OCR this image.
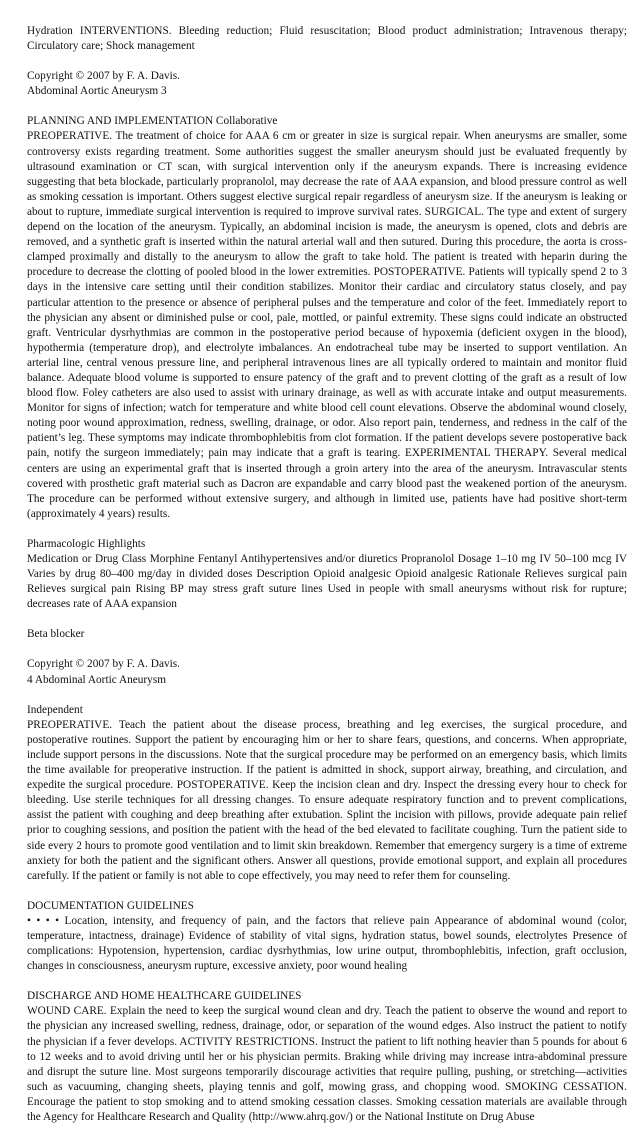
Hydration INTERVENTIONS. Bleeding reduction; Fluid resuscitation; Blood product administration; Intravenous therapy; Circulatory care; Shock management

Copyright © 2007 by F. A. Davis.
Abdominal Aortic Aneurysm 3

PLANNING AND IMPLEMENTATION Collaborative
PREOPERATIVE. The treatment of choice for AAA 6 cm or greater in size is surgical repair. When aneurysms are smaller, some controversy exists regarding treatment. Some authorities suggest the smaller aneurysm should just be evaluated frequently by ultrasound examination or CT scan, with surgical intervention only if the aneurysm expands. There is increasing evidence suggesting that beta blockade, particularly propranolol, may decrease the rate of AAA expansion, and blood pressure control as well as smoking cessation is important. Others suggest elective surgical repair regardless of aneurysm size. If the aneurysm is leaking or about to rupture, immediate surgical intervention is required to improve survival rates. SURGICAL. The type and extent of surgery depend on the location of the aneurysm. Typically, an abdominal incision is made, the aneurysm is opened, clots and debris are removed, and a synthetic graft is inserted within the natural arterial wall and then sutured. During this procedure, the aorta is cross-clamped proximally and distally to the aneurysm to allow the graft to take hold. The patient is treated with heparin during the procedure to decrease the clotting of pooled blood in the lower extremities. POSTOPERATIVE. Patients will typically spend 2 to 3 days in the intensive care setting until their condition stabilizes. Monitor their cardiac and circulatory status closely, and pay particular attention to the presence or absence of peripheral pulses and the temperature and color of the feet. Immediately report to the physician any absent or diminished pulse or cool, pale, mottled, or painful extremity. These signs could indicate an obstructed graft. Ventricular dysrhythmias are common in the postoperative period because of hypoxemia (deficient oxygen in the blood), hypothermia (temperature drop), and electrolyte imbalances. An endotracheal tube may be inserted to support ventilation. An arterial line, central venous pressure line, and peripheral intravenous lines are all typically ordered to maintain and monitor fluid balance. Adequate blood volume is supported to ensure patency of the graft and to prevent clotting of the graft as a result of low blood flow. Foley catheters are also used to assist with urinary drainage, as well as with accurate intake and output measurements. Monitor for signs of infection; watch for temperature and white blood cell count elevations. Observe the abdominal wound closely, noting poor wound approximation, redness, swelling, drainage, or odor. Also report pain, tenderness, and redness in the calf of the patient’s leg. These symptoms may indicate thrombophlebitis from clot formation. If the patient develops severe postoperative back pain, notify the surgeon immediately; pain may indicate that a graft is tearing. EXPERIMENTAL THERAPY. Several medical centers are using an experimental graft that is inserted through a groin artery into the area of the aneurysm. Intravascular stents covered with prosthetic graft material such as Dacron are expandable and carry blood past the weakened portion of the aneurysm. The procedure can be performed without extensive surgery, and although in limited use, patients have had positive short-term (approximately 4 years) results.

Pharmacologic Highlights
Medication or Drug Class Morphine Fentanyl Antihypertensives and/or diuretics Propranolol Dosage 1–10 mg IV 50–100 mcg IV Varies by drug 80–400 mg/day in divided doses Description Opioid analgesic Opioid analgesic Rationale Relieves surgical pain Relieves surgical pain Rising BP may stress graft suture lines Used in people with small aneurysms without risk for rupture; decreases rate of AAA expansion

Beta blocker

Copyright © 2007 by F. A. Davis.
4 Abdominal Aortic Aneurysm

Independent
PREOPERATIVE. Teach the patient about the disease process, breathing and leg exercises, the surgical procedure, and postoperative routines. Support the patient by encouraging him or her to share fears, questions, and concerns. When appropriate, include support persons in the discussions. Note that the surgical procedure may be performed on an emergency basis, which limits the time available for preoperative instruction. If the patient is admitted in shock, support airway, breathing, and circulation, and expedite the surgical procedure. POSTOPERATIVE. Keep the incision clean and dry. Inspect the dressing every hour to check for bleeding. Use sterile techniques for all dressing changes. To ensure adequate respiratory function and to prevent complications, assist the patient with coughing and deep breathing after extubation. Splint the incision with pillows, provide adequate pain relief prior to coughing sessions, and position the patient with the head of the bed elevated to facilitate coughing. Turn the patient side to side every 2 hours to promote good ventilation and to limit skin breakdown. Remember that emergency surgery is a time of extreme anxiety for both the patient and the significant others. Answer all questions, provide emotional support, and explain all procedures carefully. If the patient or family is not able to cope effectively, you may need to refer them for counseling.

DOCUMENTATION GUIDELINES
• • • • Location, intensity, and frequency of pain, and the factors that relieve pain Appearance of abdominal wound (color, temperature, intactness, drainage) Evidence of stability of vital signs, hydration status, bowel sounds, electrolytes Presence of complications: Hypotension, hypertension, cardiac dysrhythmias, low urine output, thrombophlebitis, infection, graft occlusion, changes in consciousness, aneurysm rupture, excessive anxiety, poor wound healing

DISCHARGE AND HOME HEALTHCARE GUIDELINES
WOUND CARE. Explain the need to keep the surgical wound clean and dry. Teach the patient to observe the wound and report to the physician any increased swelling, redness, drainage, odor, or separation of the wound edges. Also instruct the patient to notify the physician if a fever develops. ACTIVITY RESTRICTIONS. Instruct the patient to lift nothing heavier than 5 pounds for about 6 to 12 weeks and to avoid driving until her or his physician permits. Braking while driving may increase intra-abdominal pressure and disrupt the suture line. Most surgeons temporarily discourage activities that require pulling, pushing, or stretching—activities such as vacuuming, changing sheets, playing tennis and golf, mowing grass, and chopping wood. SMOKING CESSATION. Encourage the patient to stop smoking and to attend smoking cessation classes. Smoking cessation materials are available through the Agency for Healthcare Research and Quality (http://www.ahrq.gov/) or the National Institute on Drug Abuse
